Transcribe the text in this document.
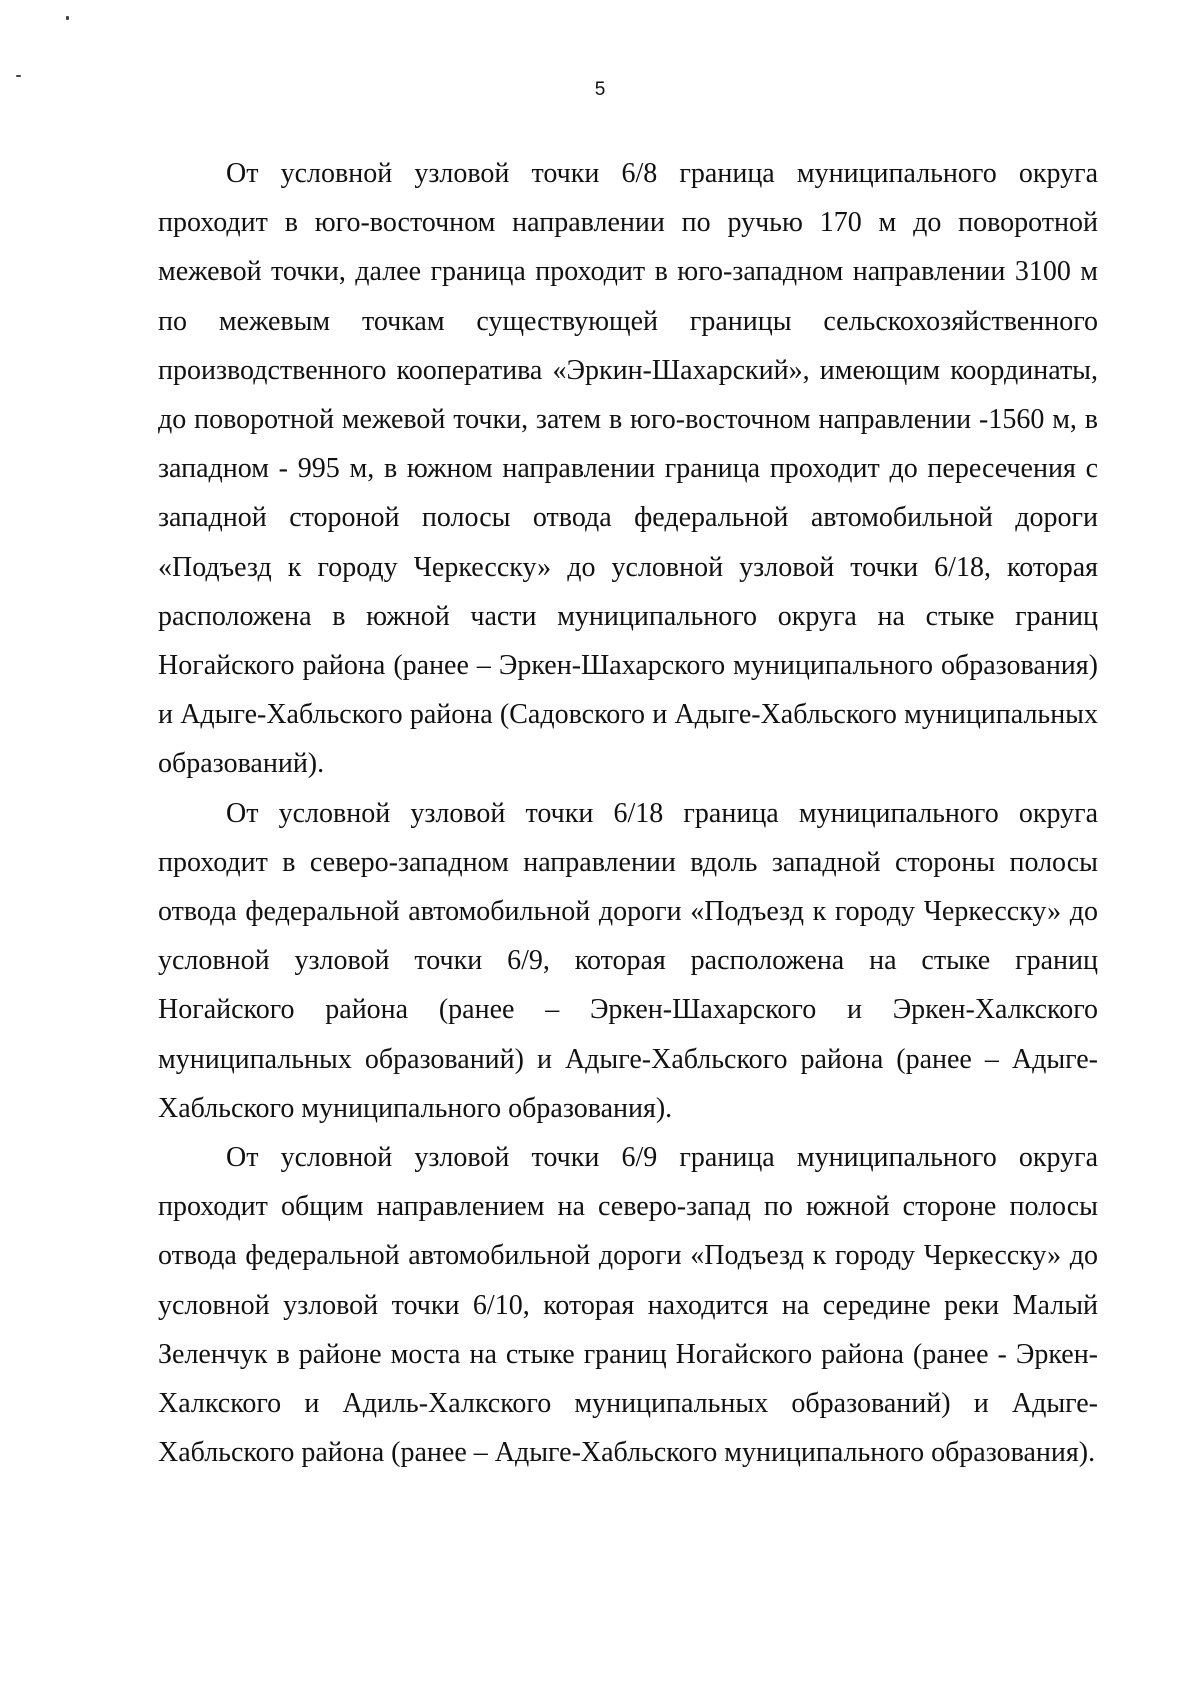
5

От условной узловой точки 6/8 граница муниципального округа проходит в юго-восточном направлении по ручью 170 м до поворотной межевой точки, далее граница проходит в юго-западном направлении 3100 м по межевым точкам существующей границы сельскохозяйственного производственного кооператива «Эркин-Шахарский», имеющим координаты, до поворотной межевой точки, затем в юго-восточном направлении -1560 м, в западном - 995 м, в южном направлении граница проходит до пересечения с западной стороной полосы отвода федеральной автомобильной дороги «Подъезд к городу Черкесску» до условной узловой точки 6/18, которая расположена в южной части муниципального округа на стыке границ Ногайского района (ранее – Эркен-Шахарского муниципального образования) и Адыге-Хабльского района (Садовского и Адыге-Хабльского муниципальных образований).

От условной узловой точки 6/18 граница муниципального округа проходит в северо-западном направлении вдоль западной стороны полосы отвода федеральной автомобильной дороги «Подъезд к городу Черкесску» до условной узловой точки 6/9, которая расположена на стыке границ Ногайского района (ранее – Эркен-Шахарского и Эркен-Халкского муниципальных образований) и Адыге-Хабльского района (ранее – Адыге-Хабльского муниципального образования).

От условной узловой точки 6/9 граница муниципального округа проходит общим направлением на северо-запад по южной стороне полосы отвода федеральной автомобильной дороги «Подъезд к городу Черкесску» до условной узловой точки 6/10, которая находится на середине реки Малый Зеленчук в районе моста на стыке границ Ногайского района (ранее - Эркен-Халкского и Адиль-Халкского муниципальных образований) и Адыге-Хабльского района (ранее – Адыге-Хабльского муниципального образования).
